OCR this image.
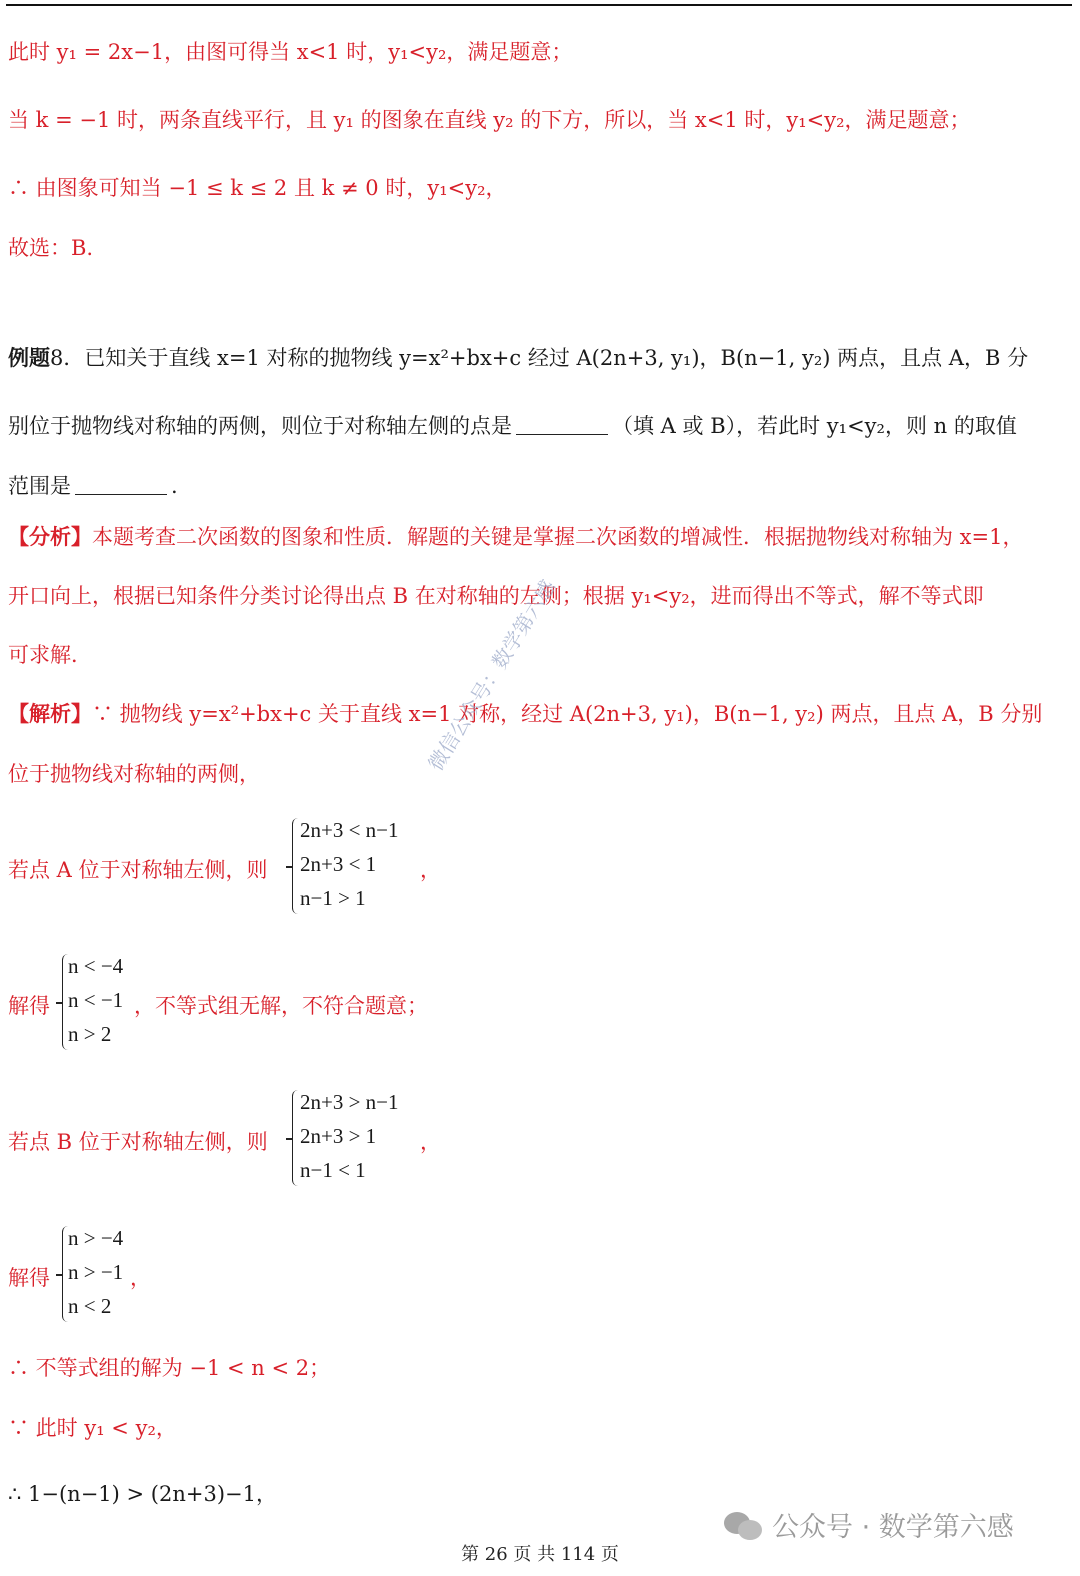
此时 y₁ = 2x−1，由图可得当 x<1 时，y₁<y₂，满足题意；
当 k = −1 时，两条直线平行，且 y₁ 的图象在直线 y₂ 的下方，所以，当 x<1 时，y₁<y₂，满足题意；
∴ 由图象可知当 −1 ≤ k ≤ 2 且 k ≠ 0 时，y₁<y₂，
故选：B.
例题8．已知关于直线 x=1 对称的抛物线 y=x²+bx+c 经过 A(2n+3, y₁)，B(n−1, y₂) 两点，且点 A，B 分
别位于抛物线对称轴的两侧，则位于对称轴左侧的点是	（填 A 或 B），若此时 y₁<y₂，则 n 的取值
范围是	.
【分析】本题考查二次函数的图象和性质．解题的关键是掌握二次函数的增减性．根据抛物线对称轴为 x=1，
开口向上，根据已知条件分类讨论得出点 B 在对称轴的左侧；根据 y₁<y₂，进而得出不等式，解不等式即
可求解．
【解析】∵ 抛物线 y=x²+bx+c 关于直线 x=1 对称，经过 A(2n+3, y₁)，B(n−1, y₂) 两点，且点 A，B 分别
位于抛物线对称轴的两侧，
若点 A 位于对称轴左侧，则
2n+3 < n−1
2n+3 < 1
n−1 > 1
，
解得
n < −4
n < −1
n > 2
，不等式组无解，不符合题意；
若点 B 位于对称轴左侧，则
2n+3 > n−1
2n+3 > 1
n−1 < 1
，
解得
n > −4
n > −1
n < 2
，
∴ 不等式组的解为 −1 < n < 2；
∵ 此时 y₁ < y₂，
∴ 1−(n−1) > (2n+3)−1，
微信公众号：数学第六感
公众号 · 数学第六感
第 26 页 共 114 页
